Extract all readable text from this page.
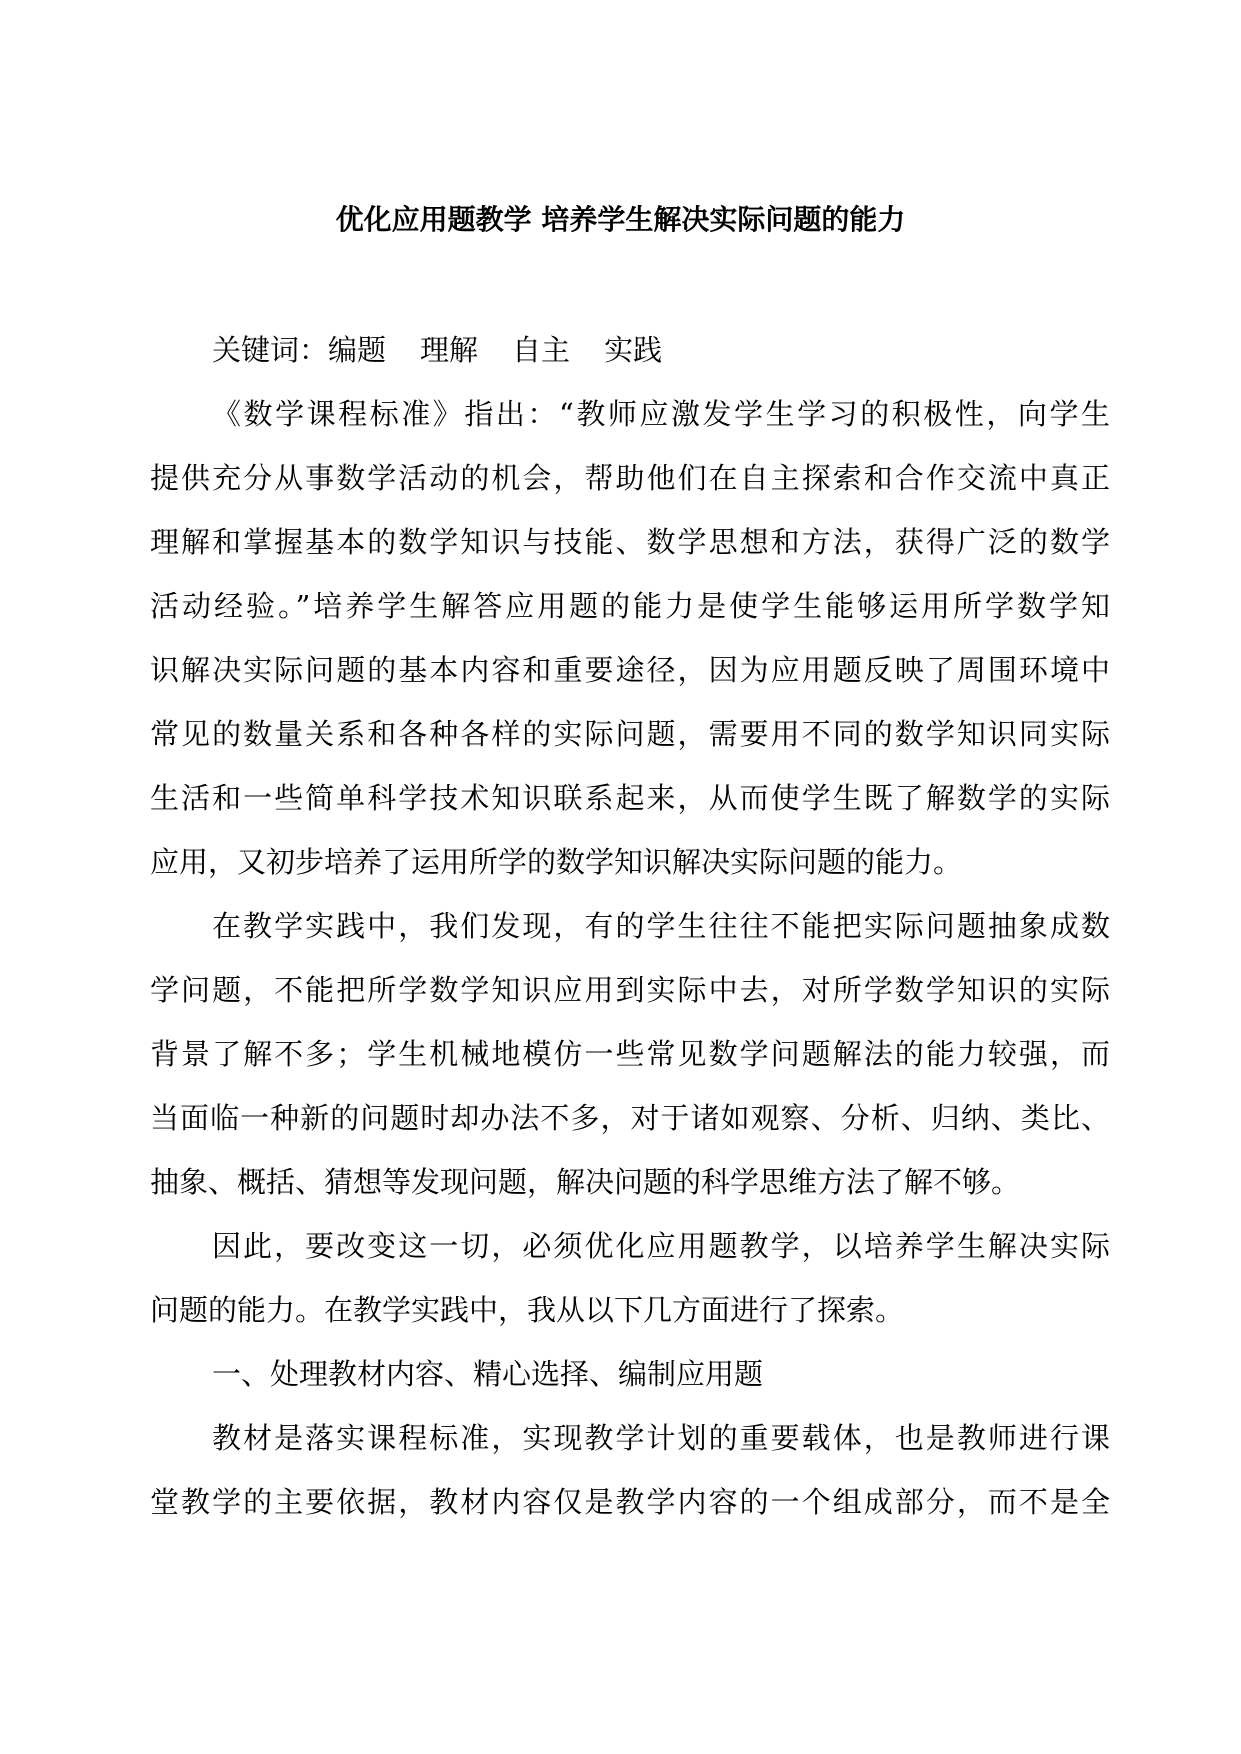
优化应用题教学 培养学生解决实际问题的能力
关键词：编题 理解 自主 实践
《数学课程标准》指出：“教师应激发学生学习的积极性，向学生
提供充分从事数学活动的机会，帮助他们在自主探索和合作交流中真正
理解和掌握基本的数学知识与技能、数学思想和方法，获得广泛的数学
活动经验。”培养学生解答应用题的能力是使学生能够运用所学数学知
识解决实际问题的基本内容和重要途径，因为应用题反映了周围环境中
常见的数量关系和各种各样的实际问题，需要用不同的数学知识同实际
生活和一些简单科学技术知识联系起来，从而使学生既了解数学的实际
应用，又初步培养了运用所学的数学知识解决实际问题的能力。
在教学实践中，我们发现，有的学生往往不能把实际问题抽象成数
学问题，不能把所学数学知识应用到实际中去，对所学数学知识的实际
背景了解不多；学生机械地模仿一些常见数学问题解法的能力较强，而
当面临一种新的问题时却办法不多，对于诸如观察、分析、归纳、类比、
抽象、概括、猜想等发现问题，解决问题的科学思维方法了解不够。
因此，要改变这一切，必须优化应用题教学，以培养学生解决实际
问题的能力。在教学实践中，我从以下几方面进行了探索。
一、处理教材内容、精心选择、编制应用题
教材是落实课程标准，实现教学计划的重要载体，也是教师进行课
堂教学的主要依据，教材内容仅是教学内容的一个组成部分，而不是全
